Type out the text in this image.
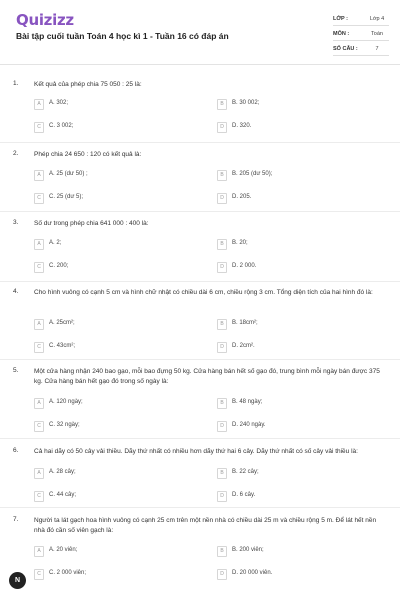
Quizizz
Bài tập cuối tuần Toán 4 học kì 1 - Tuần 16 có đáp án
LỚP :	Lớp 4
MÔN :	Toán
SỐ CÂU :	7
1. Kết quả của phép chia 75 050 : 25 là:
A	A. 302;	B	B. 30 002;
C	C. 3 002;	D	D. 320.
2. Phép chia 24 650 : 120 có kết quả là:
A	A. 25 (dư 50) ;	B	B. 205 (dư 50);
C	C. 25 (dư 5);	D	D. 205.
3. Số dư trong phép chia 641 000 : 400 là:
A	A. 2;	B	B. 20;
C	C. 200;	D	D. 2 000.
4. Cho hình vuông có cạnh 5 cm và hình chữ nhật có chiều dài 6 cm, chiều rộng 3 cm. Tổng diện tích của hai hình đó là:
A	A. 25cm²;	B	B. 18cm²;
C	C. 43cm²;	D	D. 2cm².
5. Một cửa hàng nhận 240 bao gạo, mỗi bao đựng 50 kg. Cửa hàng bán hết số gạo đó, trung bình mỗi ngày bán được 375 kg. Cửa hàng bán hết gạo đó trong số ngày là:
A	A. 120 ngày;	B	B. 48 ngày;
C	C. 32 ngày;	D	D. 240 ngày.
6. Cả hai dãy có 50 cây vải thiều. Dãy thứ nhất có nhiều hơn dãy thứ hai 6 cây. Dãy thứ nhất có số cây vải thiều là:
A	A. 28 cây;	B	B. 22 cây;
C	C. 44 cây;	D	D. 6 cây.
7. Người ta lát gạch hoa hình vuông có cạnh 25 cm trên một nền nhà có chiều dài 25 m và chiều rộng 5 m. Để lát hết nền nhà đó cần số viên gạch là:
A	A. 20 viên;	B	B. 200 viên;
C	C. 2 000 viên;	D	D. 20 000 viên.
N
